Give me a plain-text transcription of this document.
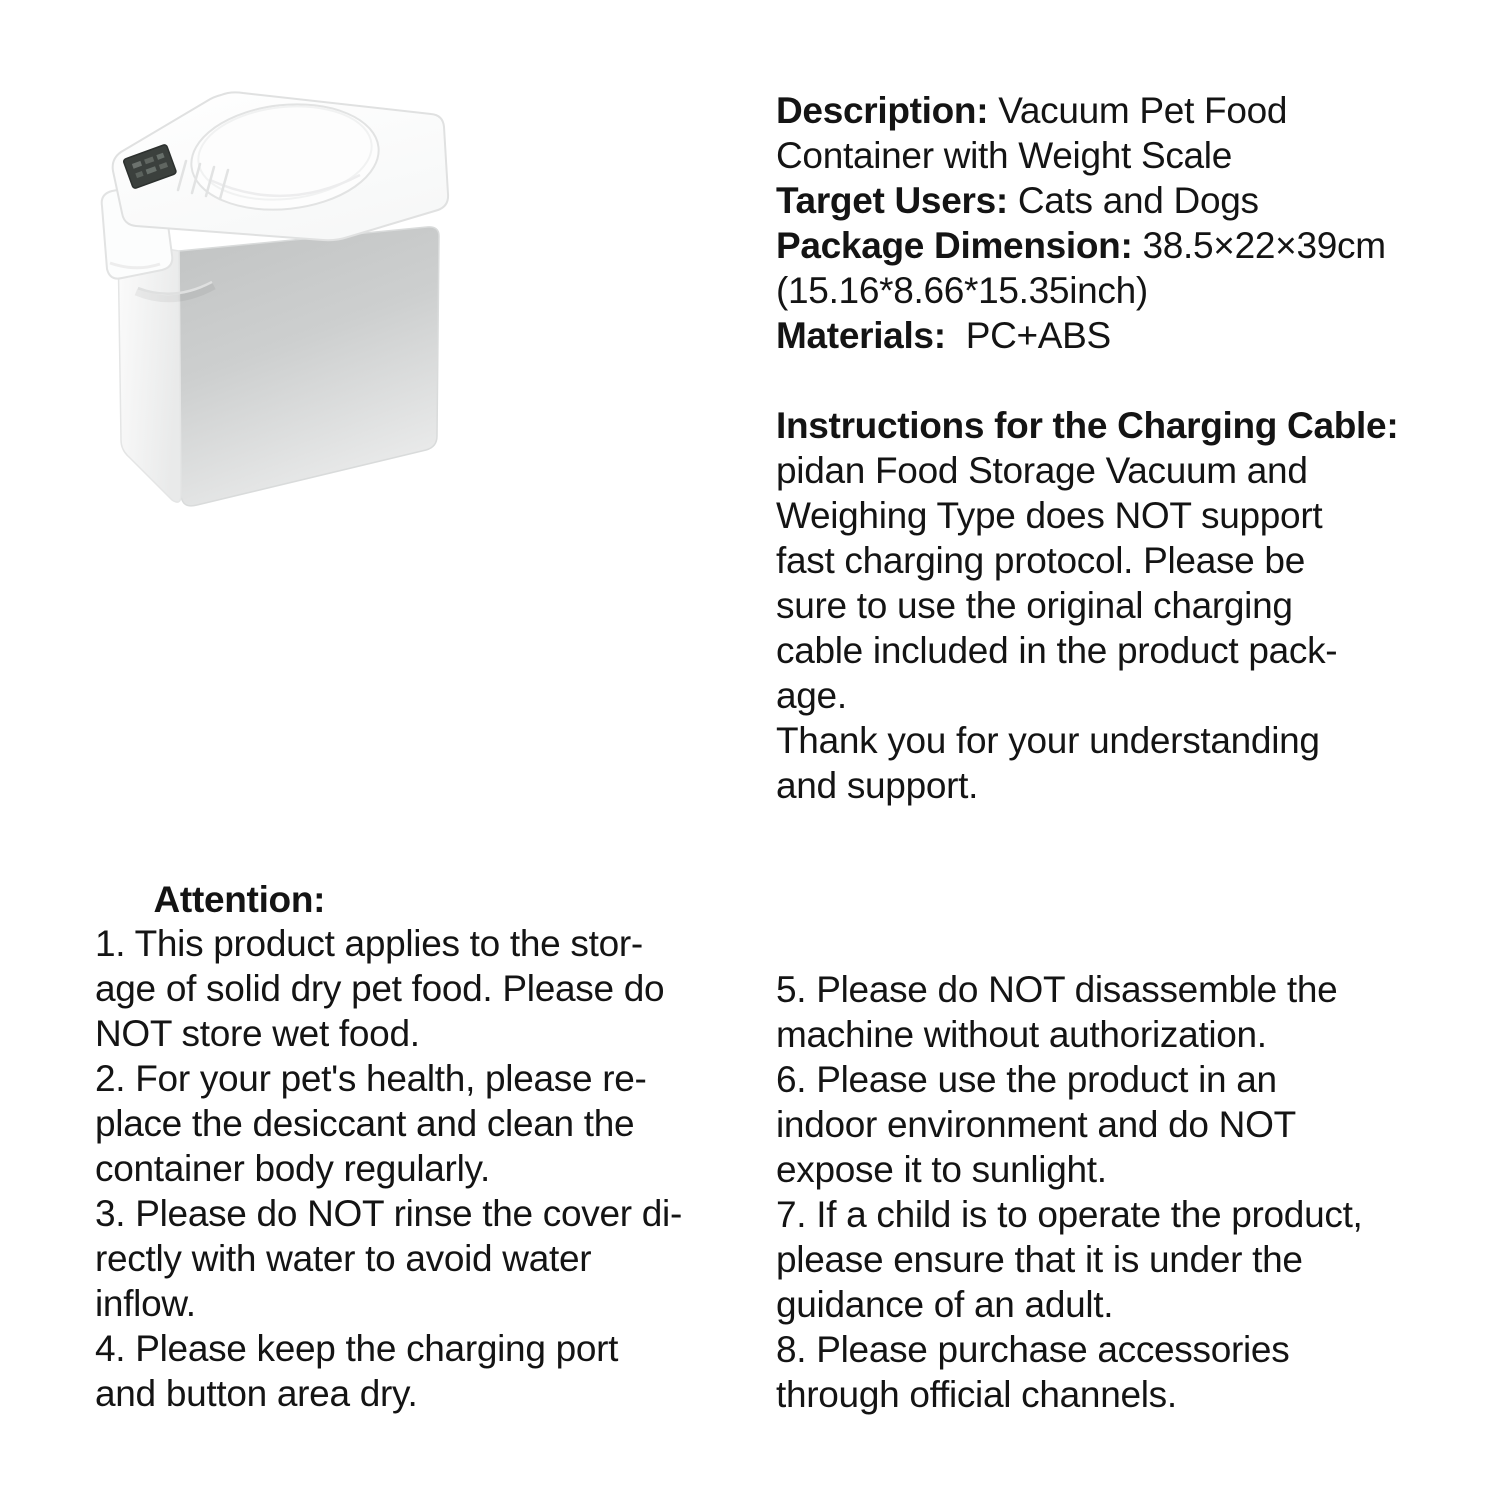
Description: Vacuum Pet Food
Container with Weight Scale
Target Users: Cats and Dogs
Package Dimension: 38.5×22×39cm
(15.16*8.66*15.35inch)
Materials:  PC+ABS

Instructions for the Charging Cable:
pidan Food Storage Vacuum and
Weighing Type does NOT support
fast charging protocol. Please be
sure to use the original charging
cable included in the product pack-
age.
Thank you for your understanding
and support.

Attention:

1. This product applies to the stor-
age of solid dry pet food. Please do
NOT store wet food.
2. For your pet's health, please re-
place the desiccant and clean the
container body regularly.
3. Please do NOT rinse the cover di-
rectly with water to avoid water
inflow.
4. Please keep the charging port
and button area dry.
5. Please do NOT disassemble the
machine without authorization.
6. Please use the product in an
indoor environment and do NOT
expose it to sunlight.
7. If a child is to operate the product,
please ensure that it is under the
guidance of an adult.
8. Please purchase accessories
through official channels.
